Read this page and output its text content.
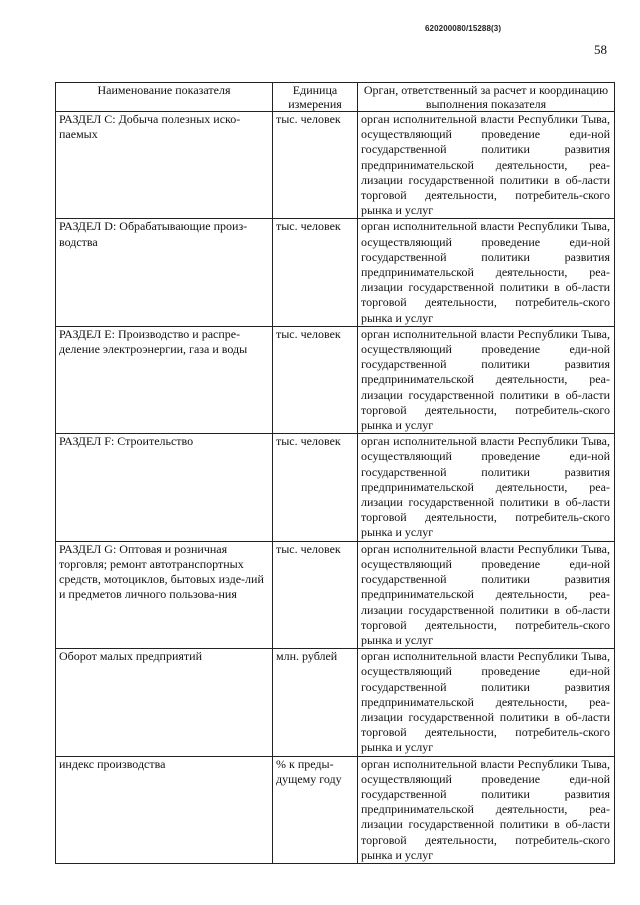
620200080/15288(3)
58
Наименование показателя	Единица измерения	Орган, ответственный за расчет и координацию выполнения показателя
РАЗДЕЛ C: Добыча полезных иско-паемых	тыс. человек	орган исполнительной власти Республики Тыва, осуществляющий проведение еди-ной государственной политики развития предпринимательской деятельности, реа-лизации государственной политики в об-ласти торговой деятельности, потребитель-ского рынка и услуг
РАЗДЕЛ D: Обрабатывающие произ-водства	тыс. человек	орган исполнительной власти Республики Тыва, осуществляющий проведение еди-ной государственной политики развития предпринимательской деятельности, реа-лизации государственной политики в об-ласти торговой деятельности, потребитель-ского рынка и услуг
РАЗДЕЛ E: Производство и распре-деление электроэнергии, газа и воды	тыс. человек	орган исполнительной власти Республики Тыва, осуществляющий проведение еди-ной государственной политики развития предпринимательской деятельности, реа-лизации государственной политики в об-ласти торговой деятельности, потребитель-ского рынка и услуг
РАЗДЕЛ F: Строительство	тыс. человек	орган исполнительной власти Республики Тыва, осуществляющий проведение еди-ной государственной политики развития предпринимательской деятельности, реа-лизации государственной политики в об-ласти торговой деятельности, потребитель-ского рынка и услуг
РАЗДЕЛ G: Оптовая и розничная торговля; ремонт автотранспортных средств, мотоциклов, бытовых изде-лий и предметов личного пользова-ния	тыс. человек	орган исполнительной власти Республики Тыва, осуществляющий проведение еди-ной государственной политики развития предпринимательской деятельности, реа-лизации государственной политики в об-ласти торговой деятельности, потребитель-ского рынка и услуг
Оборот малых предприятий	млн. рублей	орган исполнительной власти Республики Тыва, осуществляющий проведение еди-ной государственной политики развития предпринимательской деятельности, реа-лизации государственной политики в об-ласти торговой деятельности, потребитель-ского рынка и услуг
индекс производства	% к преды-дущему году	орган исполнительной власти Республики Тыва, осуществляющий проведение еди-ной государственной политики развития предпринимательской деятельности, реа-лизации государственной политики в об-ласти торговой деятельности, потребитель-ского рынка и услуг
